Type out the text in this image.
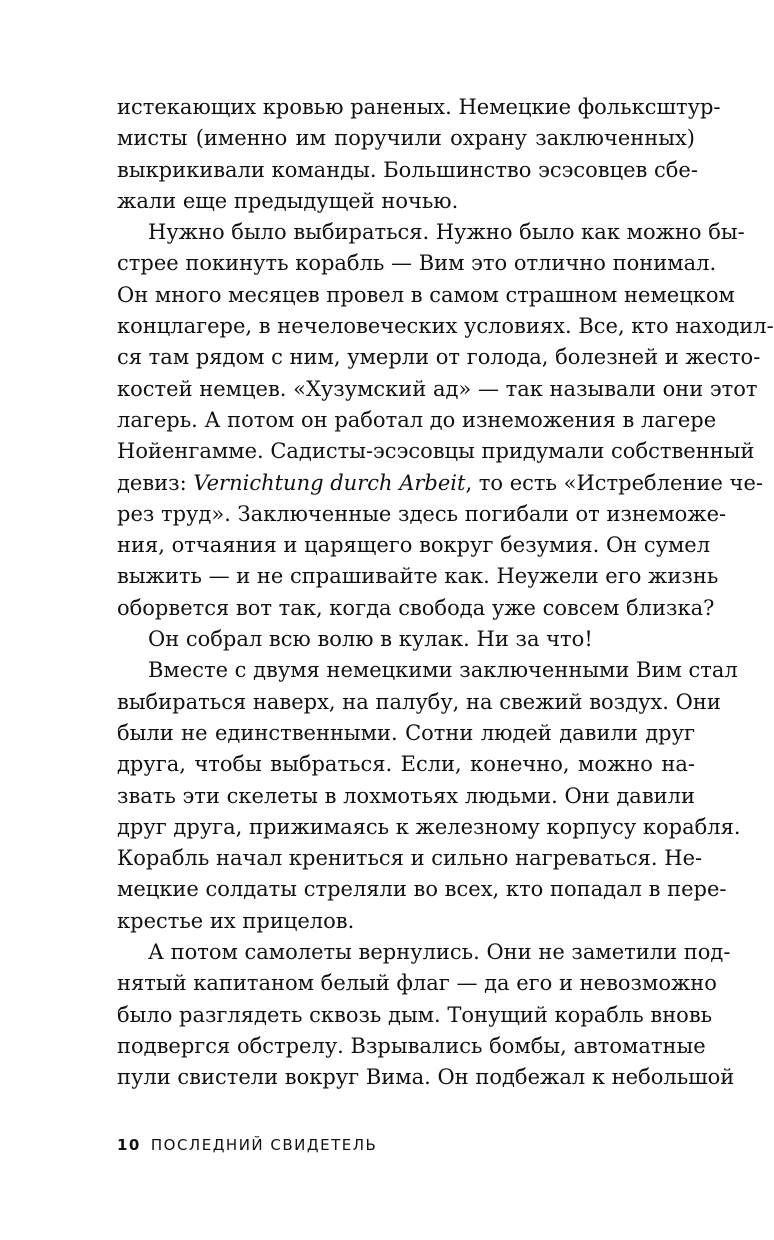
истекающих кровью раненых. Немецкие фольксштур-
мисты (именно им поручили охрану заключенных)
выкрикивали команды. Большинство эсэсовцев сбе-
жали еще предыдущей ночью.

Нужно было выбираться. Нужно было как можно бы-
стрее покинуть корабль — Вим это отлично понимал.
Он много месяцев провел в самом страшном немецком
концлагере, в нечеловеческих условиях. Все, кто находил-
ся там рядом с ним, умерли от голода, болезней и жесто-
костей немцев. «Хузумский ад» — так называли они этот
лагерь. А потом он работал до изнеможения в лагере
Нойенгамме. Садисты-эсэсовцы придумали собственный
девиз: Vernichtung durch Arbeit, то есть «Истребление че-
рез труд». Заключенные здесь погибали от изнеможе-
ния, отчаяния и царящего вокруг безумия. Он сумел
выжить — и не спрашивайте как. Неужели его жизнь
оборвется вот так, когда свобода уже совсем близка?

Он собрал всю волю в кулак. Ни за что!

Вместе с двумя немецкими заключенными Вим стал
выбираться наверх, на палубу, на свежий воздух. Они
были не единственными. Сотни людей давили друг
друга, чтобы выбраться. Если, конечно, можно на-
звать эти скелеты в лохмотьях людьми. Они давили
друг друга, прижимаясь к железному корпусу корабля.
Корабль начал крениться и сильно нагреваться. Не-
мецкие солдаты стреляли во всех, кто попадал в пере-
крестье их прицелов.

А потом самолеты вернулись. Они не заметили под-
нятый капитаном белый флаг — да его и невозможно
было разглядеть сквозь дым. Тонущий корабль вновь
подвергся обстрелу. Взрывались бомбы, автоматные
пули свистели вокруг Вима. Он подбежал к небольшой

10 ПОСЛЕДНИЙ СВИДЕТЕЛЬ
